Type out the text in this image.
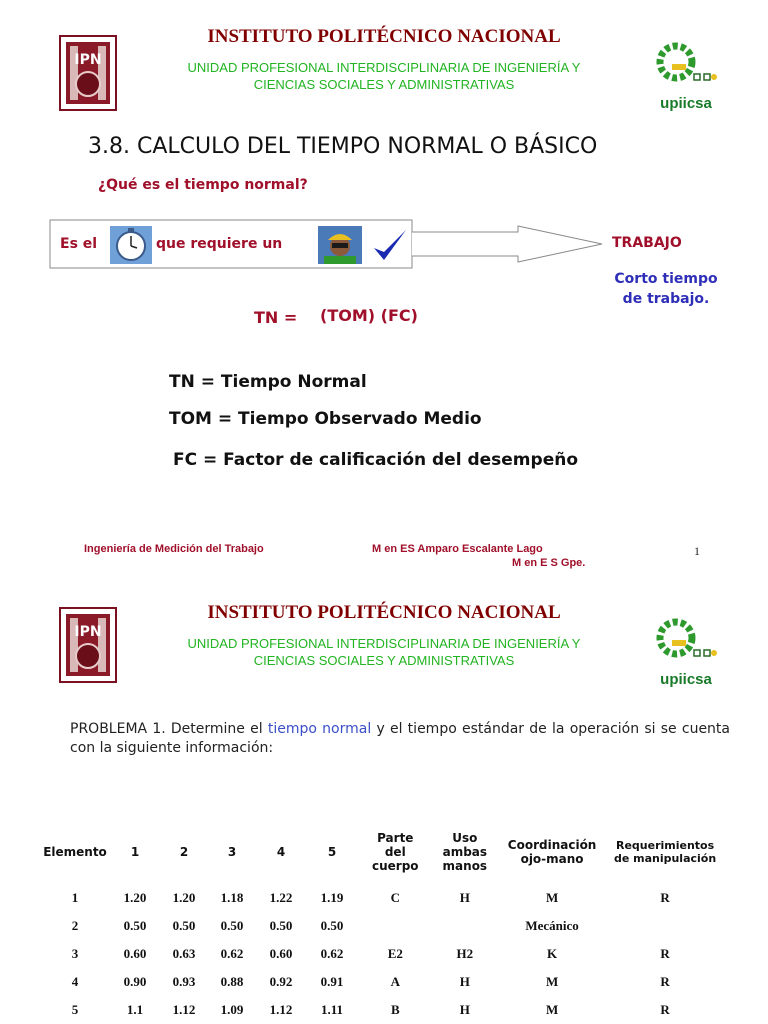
IPN
INSTITUTO POLITÉCNICO NACIONAL
UNIDAD PROFESIONAL INTERDISCIPLINARIA DE INGENIERÍA Y
CIENCIAS SOCIALES Y ADMINISTRATIVAS
upiicsa
3.8. CALCULO DEL TIEMPO NORMAL O BÁSICO
¿Qué es el tiempo normal?
Es el	que requiere un	TRABAJO
Corto tiempo
de trabajo.
TN = (TOM) (FC)
TN = Tiempo Normal
TOM = Tiempo Observado Medio
FC = Factor de calificación del desempeño
Ingeniería de Medición del Trabajo	M en ES Amparo Escalante Lago
M en E S Gpe.
1
IPN
INSTITUTO POLITÉCNICO NACIONAL
UNIDAD PROFESIONAL INTERDISCIPLINARIA DE INGENIERÍA Y
CIENCIAS SOCIALES Y ADMINISTRATIVAS
upiicsa
PROBLEMA 1. Determine el tiempo normal y el tiempo estándar de la operación si se cuenta con la siguiente información:
Elemento	1	2	3	4	5	Parte del cuerpo	Uso ambas manos	Coordinación ojo-mano	Requerimientos de manipulación
1	1.20	1.20	1.18	1.22	1.19	C	H	M	R
2	0.50	0.50	0.50	0.50	0.50			Mecánico	
3	0.60	0.63	0.62	0.60	0.62	E2	H2	K	R
4	0.90	0.93	0.88	0.92	0.91	A	H	M	R
5	1.1	1.12	1.09	1.12	1.11	B	H	M	R
